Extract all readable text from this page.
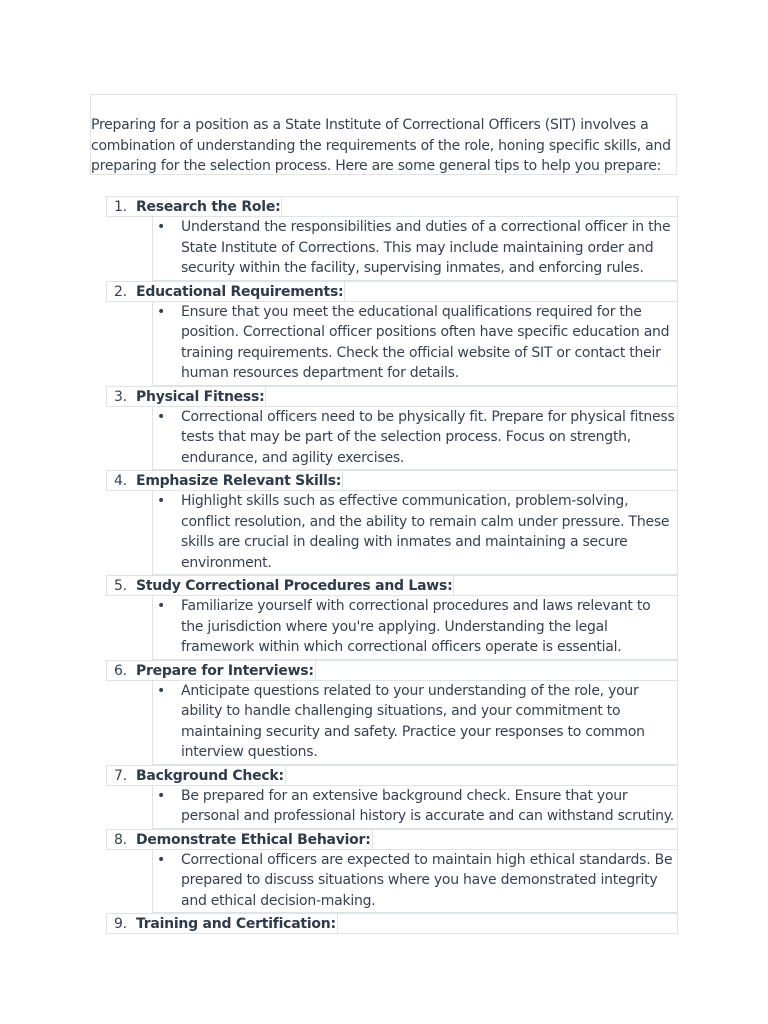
Preparing for a position as a State Institute of Correctional Officers (SIT) involves a combination of understanding the requirements of the role, honing specific skills, and preparing for the selection process. Here are some general tips to help you prepare:

1. Research the Role:
• Understand the responsibilities and duties of a correctional officer in the State Institute of Corrections. This may include maintaining order and security within the facility, supervising inmates, and enforcing rules.

2. Educational Requirements:
• Ensure that you meet the educational qualifications required for the position. Correctional officer positions often have specific education and training requirements. Check the official website of SIT or contact their human resources department for details.

3. Physical Fitness:
• Correctional officers need to be physically fit. Prepare for physical fitness tests that may be part of the selection process. Focus on strength, endurance, and agility exercises.

4. Emphasize Relevant Skills:
• Highlight skills such as effective communication, problem-solving, conflict resolution, and the ability to remain calm under pressure. These skills are crucial in dealing with inmates and maintaining a secure environment.

5. Study Correctional Procedures and Laws:
• Familiarize yourself with correctional procedures and laws relevant to the jurisdiction where you're applying. Understanding the legal framework within which correctional officers operate is essential.

6. Prepare for Interviews:
• Anticipate questions related to your understanding of the role, your ability to handle challenging situations, and your commitment to maintaining security and safety. Practice your responses to common interview questions.

7. Background Check:
• Be prepared for an extensive background check. Ensure that your personal and professional history is accurate and can withstand scrutiny.

8. Demonstrate Ethical Behavior:
• Correctional officers are expected to maintain high ethical standards. Be prepared to discuss situations where you have demonstrated integrity and ethical decision-making.

9. Training and Certification:
